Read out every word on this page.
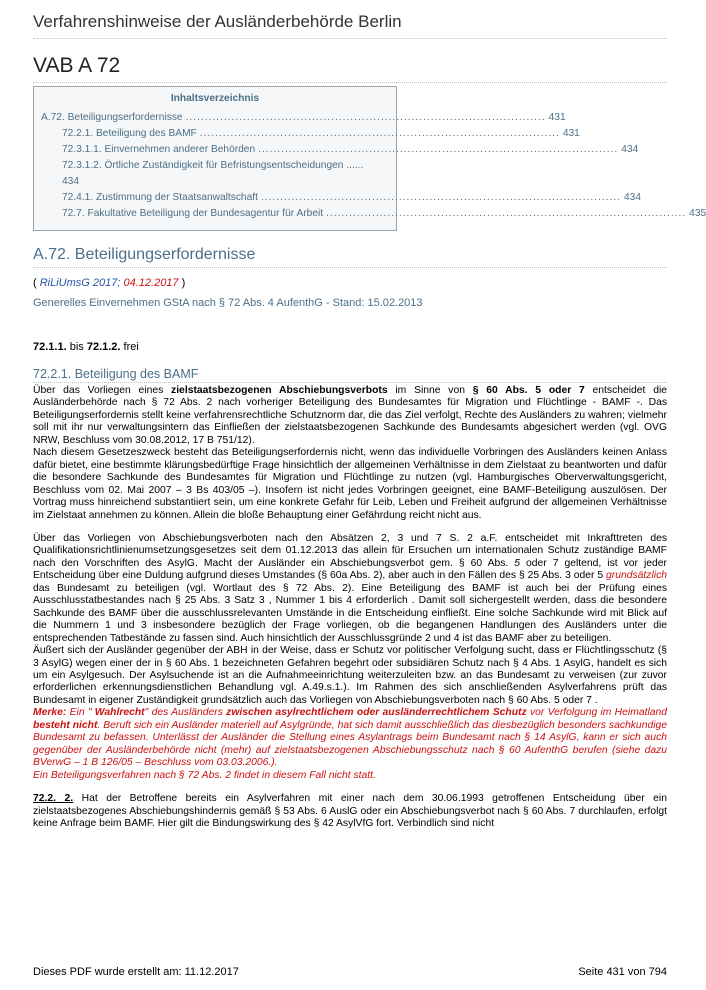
Verfahrenshinweise der Ausländerbehörde Berlin
VAB A 72
Inhaltsverzeichnis
A.72. Beteiligungserfordernisse .............................................................................................. 431
72.2.1. Beteiligung des BAMF .............................................................................................. 431
72.3.1.1. Einvernehmen anderer Behörden .............................................................................................. 434
72.3.1.2. Örtliche Zuständigkeit für Befristungsentscheidungen ......
434
72.4.1. Zustimmung der Staatsanwaltschaft .............................................................................................. 434
72.7. Fakultative Beteiligung der Bundesagentur für Arbeit .............................................................................................. 435
A.72. Beteiligungserfordernisse
( RiLiUmsG 2017; 04.12.2017 )
Generelles Einvernehmen GStA nach § 72 Abs. 4 AufenthG - Stand: 15.02.2013
72.1.1. bis 72.1.2. frei
72.2.1. Beteiligung des BAMF

Über das Vorliegen eines zielstaatsbezogenen Abschiebungsverbots im Sinne von § 60 Abs. 5 oder 7 entscheidet die Ausländerbehörde nach § 72 Abs. 2 nach vorheriger Beteiligung des Bundesamtes für Migration und Flüchtlinge - BAMF -. Das Beteiligungserfordernis stellt keine verfahrensrechtliche Schutznorm dar, die das Ziel verfolgt, Rechte des Ausländers zu wahren; vielmehr soll mit ihr nur verwaltungsintern das Einfließen der zielstaatsbezogenen Sachkunde des Bundesamts abgesichert werden (vgl. OVG NRW, Beschluss vom 30.08.2012, 17 B 751/12).

Nach diesem Gesetzeszweck besteht das Beteiligungserfordernis nicht, wenn das individuelle Vorbringen des Ausländers keinen Anlass dafür bietet, eine bestimmte klärungsbedürftige Frage hinsichtlich der allgemeinen Verhältnisse in dem Zielstaat zu beantworten und dafür die besondere Sachkunde des Bundesamtes für Migration und Flüchtlinge zu nutzen (vgl. Hamburgisches Oberverwaltungsgericht, Beschluss vom 02. Mai 2007 – 3 Bs 403/05 –). Insofern ist nicht jedes Vorbringen geeignet, eine BAMF-Beteiligung auszulösen. Der Vortrag muss hinreichend substantiiert sein, um eine konkrete Gefahr für Leib, Leben und Freiheit aufgrund der allgemeinen Verhältnisse im Zielstaat annehmen zu können. Allein die bloße Behauptung einer Gefährdung reicht nicht aus.

Über das Vorliegen von Abschiebungsverboten nach den Absätzen 2, 3 und 7 S. 2 a.F. entscheidet mit Inkrafttreten des Qualifikationsrichtlinienumsetzungsgesetzes seit dem 01.12.2013 das allein für Ersuchen um internationalen Schutz zuständige BAMF nach den Vorschriften des AsylG. Macht der Ausländer ein Abschiebungsverbot gem. § 60 Abs. 5 oder 7 geltend, ist vor jeder Entscheidung über eine Duldung aufgrund dieses Umstandes (§ 60a Abs. 2), aber auch in den Fällen des § 25 Abs. 3 oder 5 grundsätzlich das Bundesamt zu beteiligen (vgl. Wortlaut des § 72 Abs. 2). Eine Beteiligung des BAMF ist auch bei der Prüfung eines Ausschlusstatbestandes nach § 25 Abs. 3 Satz 3 , Nummer 1 bis 4 erforderlich . Damit soll sichergestellt werden, dass die besondere Sachkunde des BAMF über die ausschlussrelevanten Umstände in die Entscheidung einfließt. Eine solche Sachkunde wird mit Blick auf die Nummern 1 und 3 insbesondere bezüglich der Frage vorliegen, ob die begangenen Handlungen des Ausländers unter die entsprechenden Tatbestände zu fassen sind. Auch hinsichtlich der Ausschlussgründe 2 und 4 ist das BAMF aber zu beteiligen.

Äußert sich der Ausländer gegenüber der ABH in der Weise, dass er Schutz vor politischer Verfolgung sucht, dass er Flüchtlingsschutz (§ 3 AsylG) wegen einer der in § 60 Abs. 1 bezeichneten Gefahren begehrt oder subsidiären Schutz nach § 4 Abs. 1 AsylG, handelt es sich um ein Asylgesuch. Der Asylsuchende ist an die Aufnahmeeinrichtung weiterzuleiten bzw. an das Bundesamt zu verweisen (zur zuvor erforderlichen erkennungsdienstlichen Behandlung vgl. A.49.s.1.). Im Rahmen des sich anschließenden Asylverfahrens prüft das Bundesamt in eigener Zuständigkeit grundsätzlich auch das Vorliegen von Abschiebungsverboten nach § 60 Abs. 5 oder 7 .

Merke: Ein " Wahlrecht" des Ausländers zwischen asylrechtlichem oder ausländerrechtlichem Schutz vor Verfolgung im Heimatland besteht nicht. Beruft sich ein Ausländer materiell auf Asylgründe, hat sich damit ausschließlich das diesbezüglich besonders sachkundige Bundesamt zu befassen. Unterlässt der Ausländer die Stellung eines Asylantrags beim Bundesamt nach § 14 AsylG, kann er sich auch gegenüber der Ausländerbehörde nicht (mehr) auf zielstaatsbezogenen Abschiebungsschutz nach § 60 AufenthG berufen (siehe dazu BVerwG – 1 B 126/05 – Beschluss vom 03.03.2006.).

Ein Beteiligungsverfahren nach § 72 Abs. 2 findet in diesem Fall nicht statt.

72.2. 2. Hat der Betroffene bereits ein Asylverfahren mit einer nach dem 30.06.1993 getroffenen Entscheidung über ein zielstaatsbezogenes Abschiebungshindernis gemäß § 53 Abs. 6 AuslG oder ein Abschiebungsverbot nach § 60 Abs. 7 durchlaufen, erfolgt keine Anfrage beim BAMF. Hier gilt die Bindungswirkung des § 42 AsylVfG fort. Verbindlich sind nicht

Dieses PDF wurde erstellt am: 11.12.2017	Seite 431 von 794
